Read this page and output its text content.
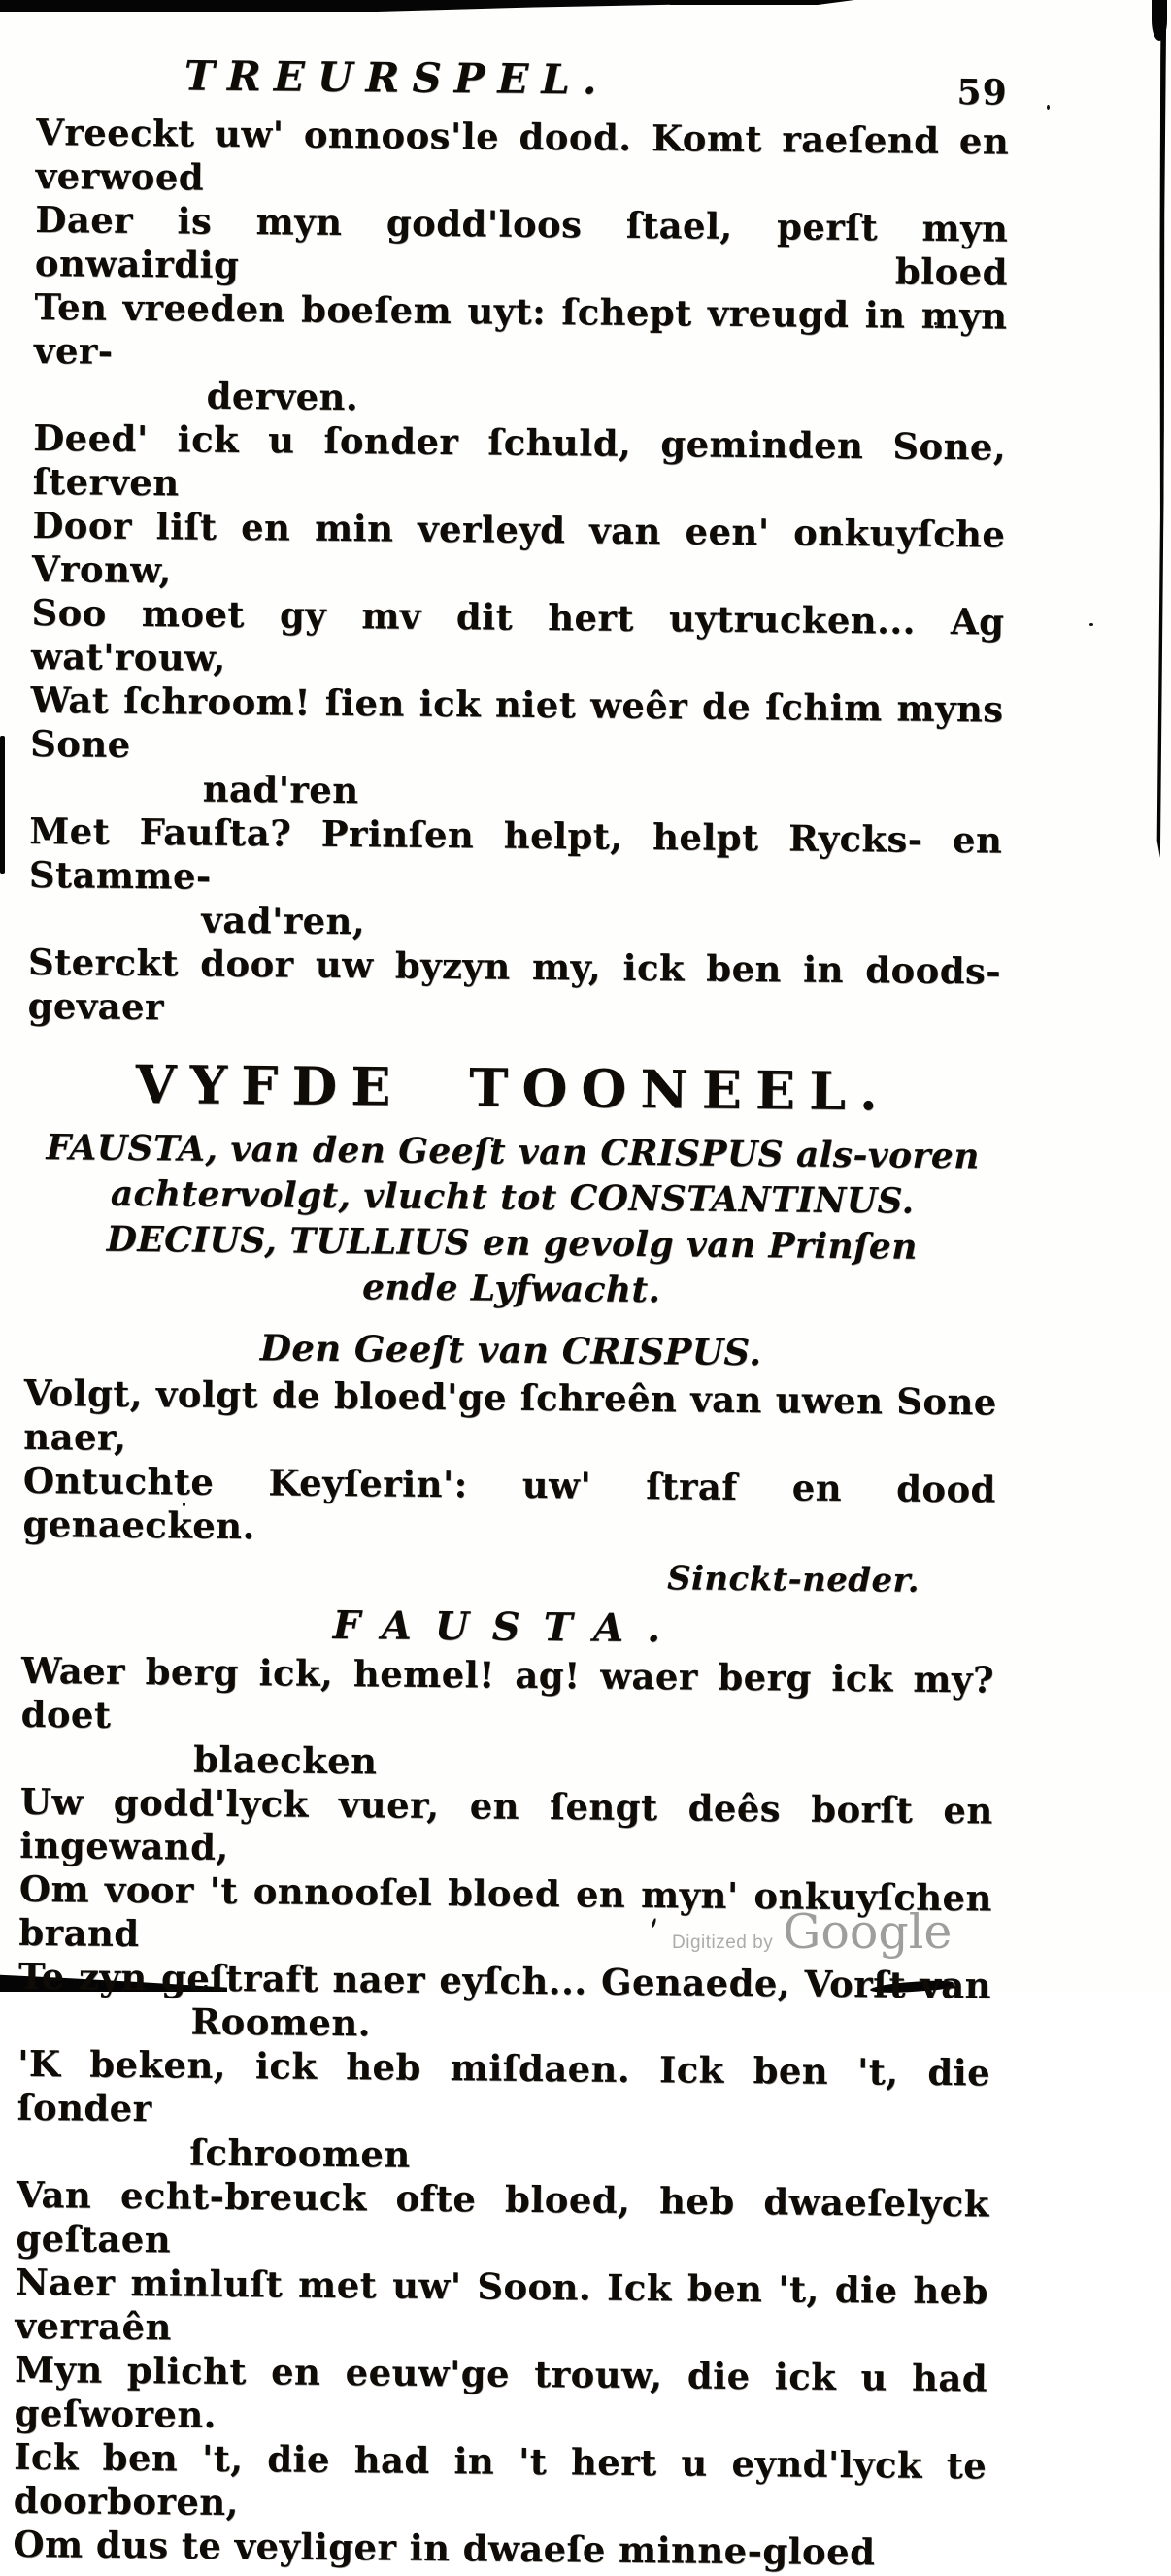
TREURSPEL.	59
Vreeckt uw' onnoos'le dood. Komt raeſend en verwoed
Daer is myn godd'loos ſtael, perſt myn onwairdig bloed
Ten vreeden boeſem uyt: ſchept vreugd in myn ver-
derven.
Deed' ick u ſonder ſchuld, geminden Sone, ſterven
Door liſt en min verleyd van een' onkuyſche Vronw,
Soo moet gy mv dit hert uytrucken... Ag wat'rouw,
Wat ſchroom! ſien ick niet weêr de ſchim myns Sone
nad'ren
Met Fauſta? Prinſen helpt, helpt Rycks- en Stamme-
vad'ren,
Sterckt door uw byzyn my, ick ben in doods-gevaer
VYFDE TOONEEL.
FAUSTA, van den Geeſt van CRISPUS als-voren
achtervolgt, vlucht tot CONSTANTINUS.
DECIUS, TULLIUS en gevolg van Prinſen
ende Lyfwacht.
Den Geeſt van CRISPUS.
Volgt, volgt de bloed'ge ſchreên van uwen Sone naer,
Ontuchte Keyſerin': uw' ſtraf en dood genaecken.
Sinckt-neder.
FAUSTA.
Waer berg ick, hemel! ag! waer berg ick my? doet
blaecken
Uw godd'lyck vuer, en ſengt deês borſt en ingewand,
Om voor 't onnooſel bloed en myn' onkuyſchen brand
Te zyn geſtraft naer eyſch... Genaede, Vorſt van
Roomen.
'K beken, ick heb miſdaen. Ick ben 't, die ſonder
ſchroomen
Van echt-breuck ofte bloed, heb dwaeſelyck geſtaen
Naer minluſt met uw' Soon. Ick ben 't, die heb verraên
Myn plicht en eeuw'ge trouw, die ick u had geſworen.
Ick ben 't, die had in 't hert u eynd'lyck te doorboren,
Om dus te veyliger in dwaeſe minne-gloed
Digitized by Google
